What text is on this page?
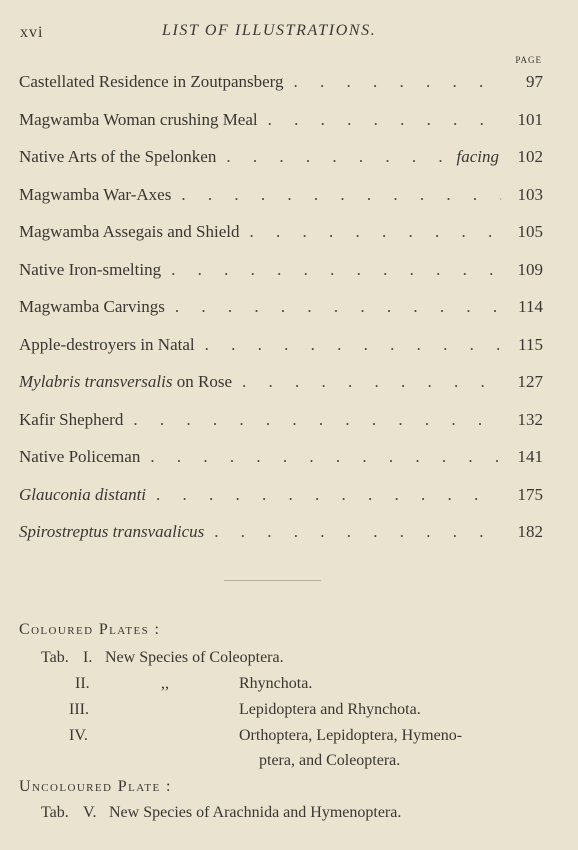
xvi	LIST OF ILLUSTRATIONS.
PAGE
Castellated Residence in Zoutpansberg . . .	97
Magwamba Woman crushing Meal . . .	101
Native Arts of the Spelonken . . .	facing	102
Magwamba War-Axes . . .	103
Magwamba Assegais and Shield . . .	105
Native Iron-smelting . . .	109
Magwamba Carvings . . .	114
Apple-destroyers in Natal . . .	115
Mylabris transversalis on Rose . . .	127
Kafir Shepherd . . .	132
Native Policeman . . .	141
Glauconia distanti . . .	175
Spirostreptus transvaalicus . . .	182
Coloured Plates :
Tab. I. New Species of Coleoptera.
II.	,,	Rhynchota.
III.	Lepidoptera and Rhynchota.
IV.	Orthoptera, Lepidoptera, Hymeno-
ptera, and Coleoptera.
Uncoloured Plate :
Tab. V. New Species of Arachnida and Hymenoptera.
